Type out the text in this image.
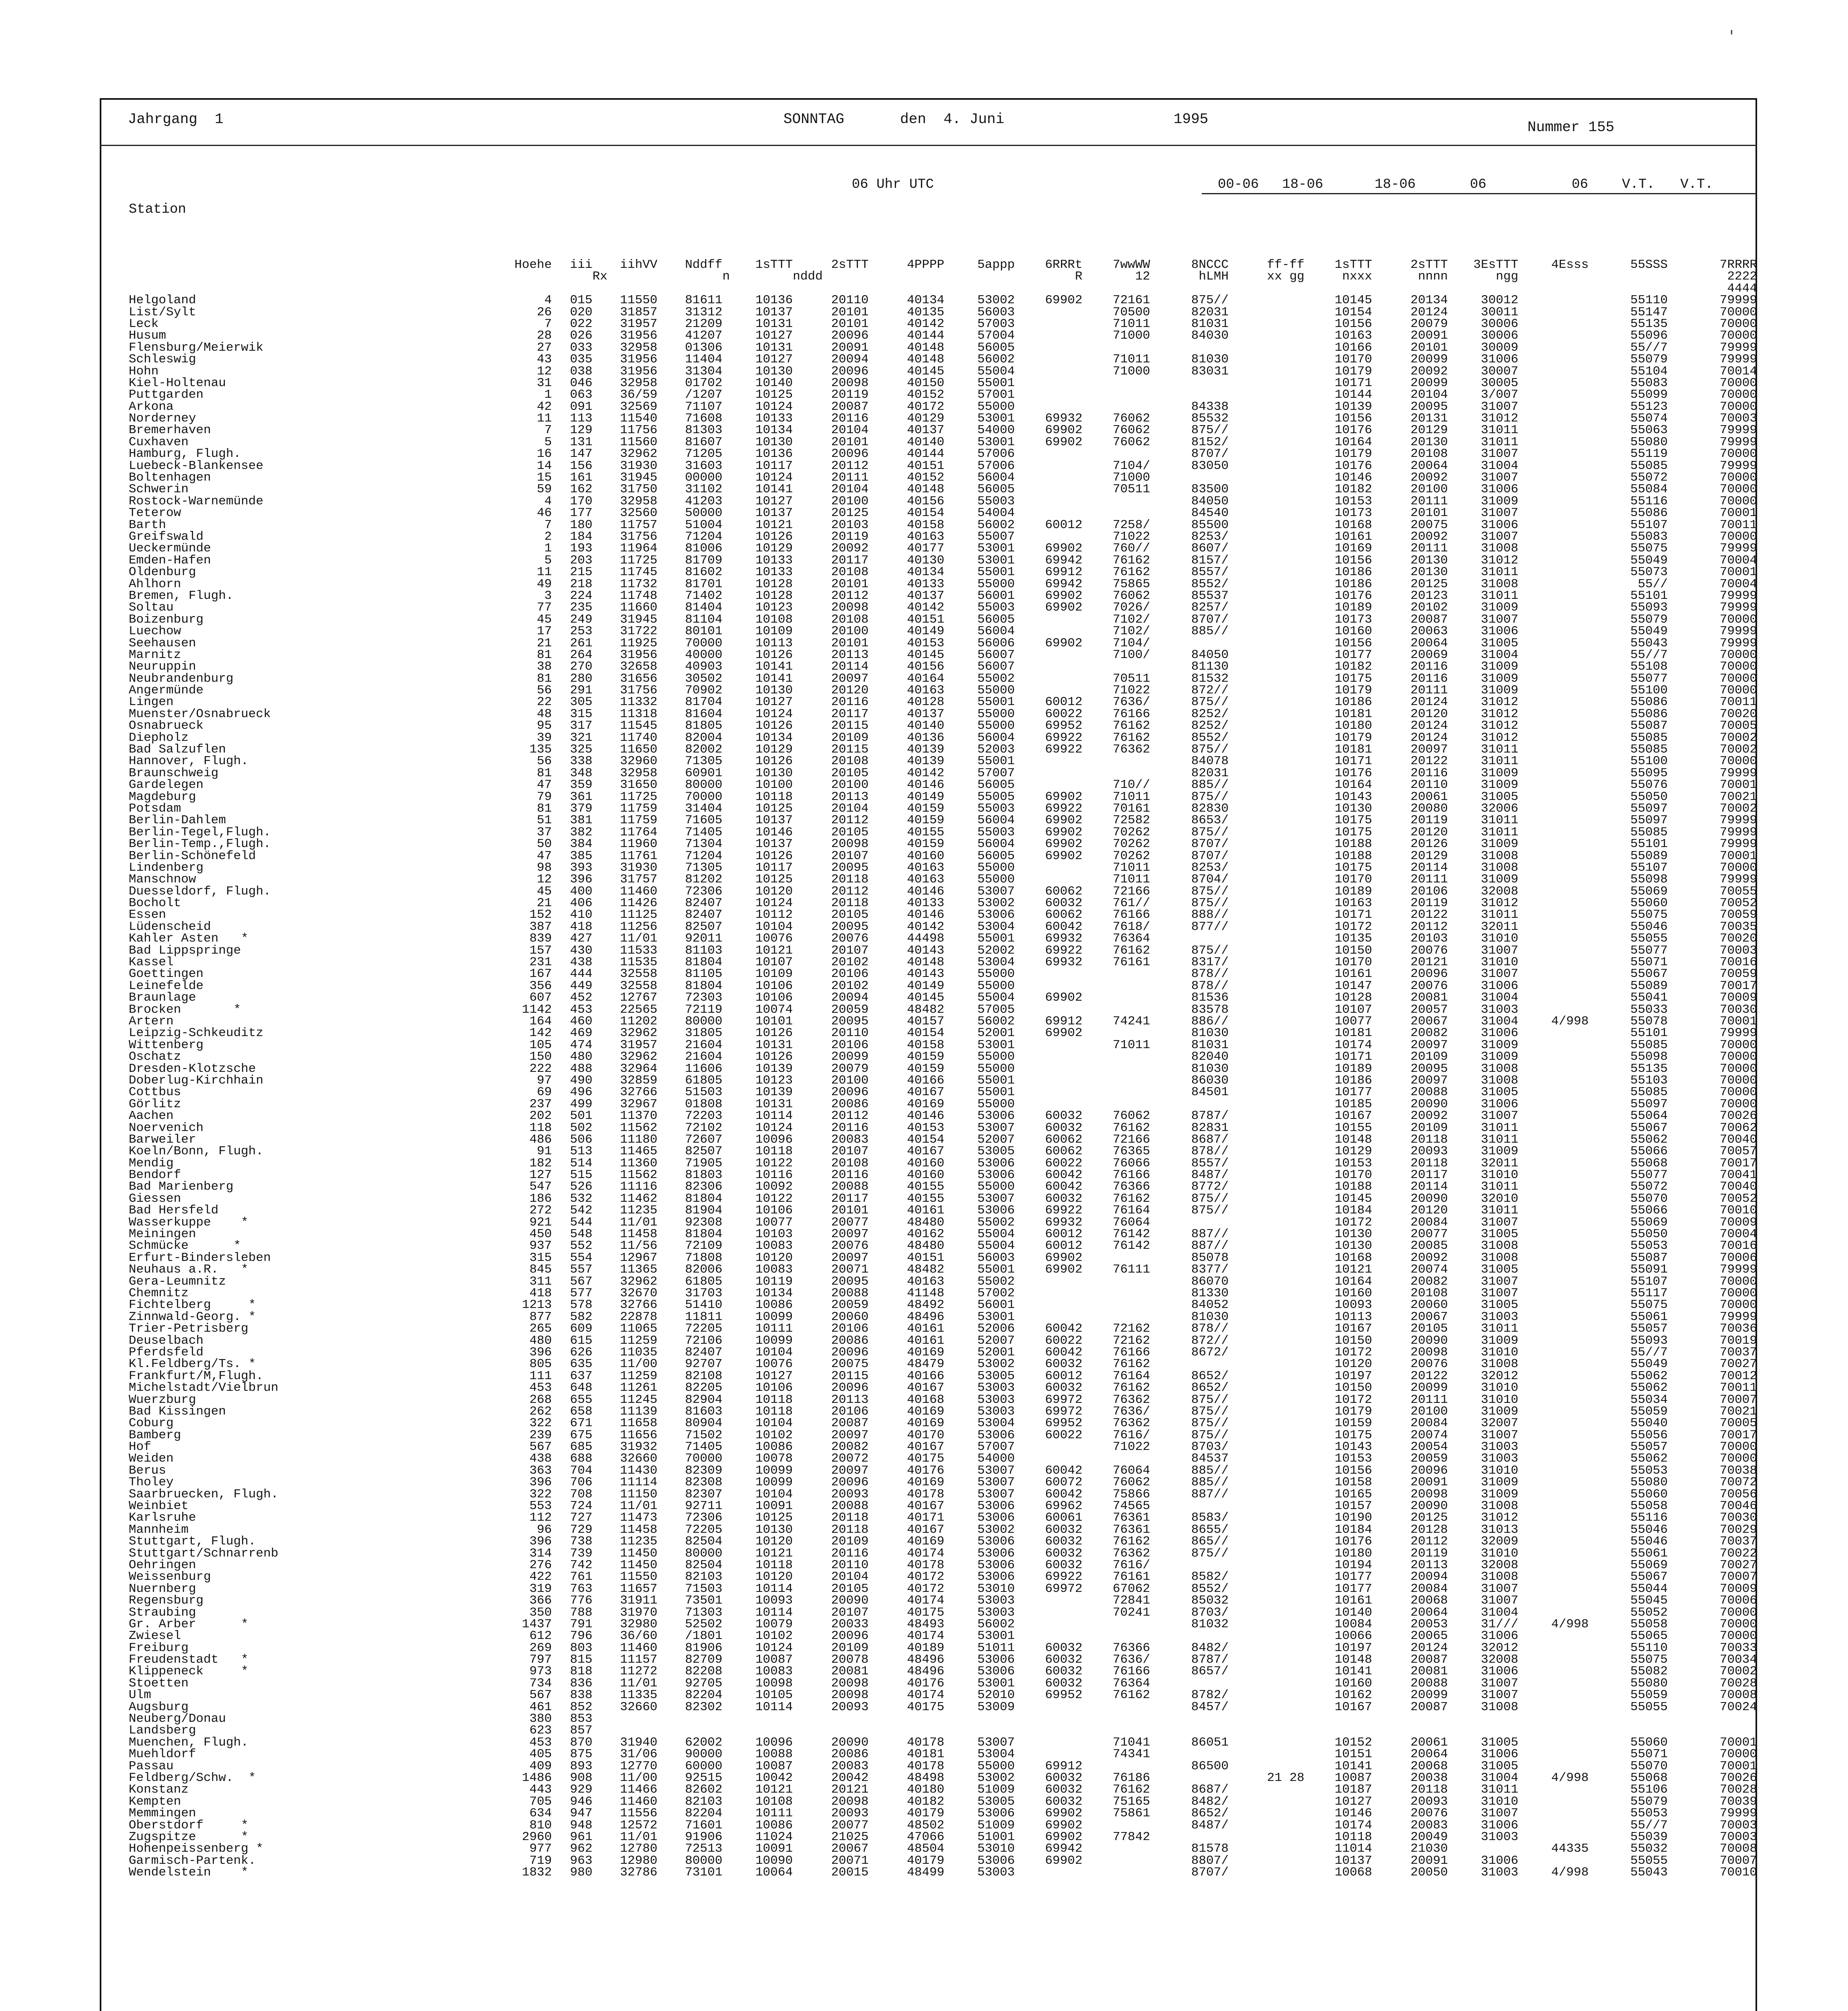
'
Jahrgang  1	SONNTAG	den  4. Juni	1995	Nummer 155
06 Uhr UTC	00-06 18-06	18-06	06	06 V.T. V.T.
Station
	Hoehe	iii	iihVV	Nddff	1sTTT	2sTTT	4PPPP	5appp	6RRRt	7wwWW	8NCCC	ff-ff	1sTTT	2sTTT	3EsTTT	4Esss	55SSS	7RRRR
			Rx		n	nddd			R	12	hLMH	xx gg	nxxx	nnnn	ngg			2222
																		4444
Helgoland	4	015	11550	81611	10136	20110	40134	53002	69902	72161	875//		10145	20134	30012		55110	79999
List/Sylt	26	020	31857	31312	10137	20101	40135	56003		70500	82031		10154	20124	30011		55147	70000
Leck	7	022	31957	21209	10131	20101	40142	57003		71011	81031		10156	20079	30006		55135	70000
Husum	28	026	31956	41207	10127	20096	40144	57004		71000	84030		10163	20091	30006		55096	70000
Flensburg/Meierwik	27	033	32958	01306	10131	20091	40148	56005					10166	20101	30009		55//7	79999
Schleswig	43	035	31956	11404	10127	20094	40148	56002		71011	81030		10170	20099	31006		55079	79999
Hohn	12	038	31956	31304	10130	20096	40145	55004		71000	83031		10179	20092	30007		55104	70014
Kiel-Holtenau	31	046	32958	01702	10140	20098	40150	55001					10171	20099	30005		55083	70000
Puttgarden	1	063	36/59	/1207	10125	20119	40152	57001					10144	20104	3/007		55099	70000
Arkona	42	091	32569	71107	10124	20087	40172	55000			84338		10139	20095	31007		55123	70000
Norderney	11	113	11540	71608	10133	20116	40129	53001	69932	76062	85532		10156	20131	31012		55074	70003
Bremerhaven	7	129	11756	81303	10134	20104	40137	54000	69902	76062	875//		10176	20129	31011		55063	79999
Cuxhaven	5	131	11560	81607	10130	20101	40140	53001	69902	76062	8152/		10164	20130	31011		55080	79999
Hamburg, Flugh.	16	147	32962	71205	10136	20096	40144	57006			8707/		10179	20108	31007		55119	70000
Luebeck-Blankensee	14	156	31930	31603	10117	20112	40151	57006		7104/	83050		10176	20064	31004		55085	79999
Boltenhagen	15	161	31945	00000	10124	20111	40152	56004		71000			10146	20092	31007		55072	70000
Schwerin	59	162	31750	31102	10141	20104	40148	56005		70511	83500		10182	20100	31006		55084	70000
Rostock-Warnemünde	4	170	32958	41203	10127	20100	40156	55003			84050		10153	20111	31009		55116	70000
Teterow	46	177	32560	50000	10137	20125	40154	54004			84540		10173	20101	31007		55086	70001
Barth	7	180	11757	51004	10121	20103	40158	56002	60012	7258/	85500		10168	20075	31006		55107	70011
Greifswald	2	184	31756	71204	10126	20119	40163	55007		71022	8253/		10161	20092	31007		55083	70000
Ueckermünde	1	193	11964	81006	10129	20092	40177	53001	69902	760//	8607/		10169	20111	31008		55075	79999
Emden-Hafen	5	203	11725	81709	10133	20117	40130	53001	69942	76162	8157/		10156	20130	31012		55049	70004
Oldenburg	11	215	11745	81602	10133	20108	40134	55001	69912	76162	8557/		10186	20130	31011		55073	70001
Ahlhorn	49	218	11732	81701	10128	20101	40133	55000	69942	75865	8552/		10186	20125	31008		55//	70004
Bremen, Flugh.	3	224	11748	71402	10128	20112	40137	56001	69902	76062	85537		10176	20123	31011		55101	79999
Soltau	77	235	11660	81404	10123	20098	40142	55003	69902	7026/	8257/		10189	20102	31009		55093	79999
Boizenburg	45	249	31945	81104	10108	20108	40151	56005		7102/	8707/		10173	20087	31007		55079	70000
Luechow	17	253	31722	80101	10109	20100	40149	56004		7102/	885//		10160	20063	31006		55049	79999
Seehausen	21	261	11925	70000	10113	20101	40153	56006	69902	7104/			10156	20064	31005		55043	79999
Marnitz	81	264	31956	40000	10126	20113	40145	56007		7100/	84050		10177	20069	31004		55//7	70000
Neuruppin	38	270	32658	40903	10141	20114	40156	56007			81130		10182	20116	31009		55108	70000
Neubrandenburg	81	280	31656	30502	10141	20097	40164	55002		70511	81532		10175	20116	31009		55077	70000
Angermünde	56	291	31756	70902	10130	20120	40163	55000		71022	872//		10179	20111	31009		55100	70000
Lingen	22	305	11332	81704	10127	20116	40128	55001	60012	7636/	875//		10186	20124	31012		55086	70011
Muenster/Osnabrueck	48	315	11318	81604	10124	20117	40137	55000	60022	76166	8252/		10181	20120	31012		55086	70020
Osnabrueck	95	317	11545	81805	10126	20115	40140	55000	69952	76162	8252/		10180	20124	31012		55087	70005
Diepholz	39	321	11740	82004	10134	20109	40136	56004	69922	76162	8552/		10179	20124	31012		55085	70002
Bad Salzuflen	135	325	11650	82002	10129	20115	40139	52003	69922	76362	875//		10181	20097	31011		55085	70002
Hannover, Flugh.	56	338	32960	71305	10126	20108	40139	55001			84078		10171	20122	31011		55100	70000
Braunschweig	81	348	32958	60901	10130	20105	40142	57007			82031		10176	20116	31009		55095	79999
Gardelegen	47	359	31650	80000	10100	20100	40146	56005		710//	885//		10164	20110	31009		55076	70001
Magdeburg	79	361	11725	70000	10118	20113	40149	55005	69902	71011	875//		10143	20061	31005		55050	70021
Potsdam	81	379	11759	31404	10125	20104	40159	55003	69922	70161	82830		10130	20080	32006		55097	70002
Berlin-Dahlem	51	381	11759	71605	10137	20112	40159	56004	69902	72582	8653/		10175	20119	31011		55097	79999
Berlin-Tegel,Flugh.	37	382	11764	71405	10146	20105	40155	55003	69902	70262	875//		10175	20120	31011		55085	79999
Berlin-Temp.,Flugh.	50	384	11960	71304	10137	20098	40159	56004	69902	70262	8707/		10188	20126	31009		55101	79999
Berlin-Schönefeld	47	385	11761	71204	10126	20107	40160	56005	69902	70262	8707/		10188	20129	31008		55089	70001
Lindenberg	98	393	31930	71305	10117	20095	40163	55000		71011	8253/		10175	20114	31008		55107	70000
Manschnow	12	396	31757	81202	10125	20118	40163	55000		71011	8704/		10170	20111	31009		55098	79999
Duesseldorf, Flugh.	45	400	11460	72306	10120	20112	40146	53007	60062	72166	875//		10189	20106	32008		55069	70055
Bocholt	21	406	11426	82407	10124	20118	40133	53002	60032	761//	875//		10163	20119	31012		55060	70052
Essen	152	410	11125	82407	10112	20105	40146	53006	60062	76166	888//		10171	20122	31011		55075	70059
Lüdenscheid	387	418	11256	82507	10104	20095	40142	53004	60042	7618/	877//		10172	20112	32011		55046	70035
Kahler Asten   *	839	427	11/01	92011	10076	20076	44498	55001	69932	76364			10135	20103	31010		55055	70020
Bad Lippspringe	157	430	11533	81103	10121	20107	40143	52002	69922	76162	875//		10150	20076	31007		55077	70003
Kassel	231	438	11535	81804	10107	20102	40148	53004	69932	76161	8317/		10170	20121	31010		55071	70016
Goettingen	167	444	32558	81105	10109	20106	40143	55000			878//		10161	20096	31007		55067	70059
Leinefelde	356	449	32558	81804	10106	20102	40149	55000			878//		10147	20076	31006		55089	70017
Braunlage	607	452	12767	72303	10106	20094	40145	55004	69902		81536		10128	20081	31004		55041	70009
Brocken       *	1142	453	22565	72119	10074	20059	48482	57005			83578		10107	20057	31003		55033	70030
Artern	164	460	11202	80000	10101	20095	40157	56002	69912	74241	886//		10077	20067	31004	4/998	55078	70001
Leipzig-Schkeuditz	142	469	32962	31805	10126	20110	40154	52001	69902		81030		10181	20082	31006		55101	79999
Wittenberg	105	474	31957	21604	10131	20106	40158	53001		71011	81031		10174	20097	31009		55085	70000
Oschatz	150	480	32962	21604	10126	20099	40159	55000			82040		10171	20109	31009		55098	70000
Dresden-Klotzsche	222	488	32964	11606	10139	20079	40159	55000			81030		10189	20095	31008		55135	70000
Doberlug-Kirchhain	97	490	32859	61805	10123	20100	40166	55001			86030		10186	20097	31008		55103	70000
Cottbus	69	496	32766	51503	10139	20096	40167	55001			84501		10177	20088	31005		55085	70000
Görlitz	237	499	32967	01808	10131	20086	40169	55000					10185	20090	31006		55097	70000
Aachen	202	501	11370	72203	10114	20112	40146	53006	60032	76062	8787/		10167	20092	31007		55064	70026
Noervenich	118	502	11562	72102	10124	20116	40153	53007	60032	76162	82831		10155	20109	31011		55067	70062
Barweiler	486	506	11180	72607	10096	20083	40154	52007	60062	72166	8687/		10148	20118	31011		55062	70040
Koeln/Bonn, Flugh.	91	513	11465	82507	10118	20107	40167	53005	60062	76365	878//		10129	20093	31009		55066	70057
Mendig	182	514	11360	71905	10122	20108	40160	53006	60022	76066	8557/		10153	20118	32011		55068	70017
Bendorf	127	515	11562	81803	10116	20116	40160	53006	60042	76166	8487/		10170	20117	31010		55077	70041
Bad Marienberg	547	526	11116	82306	10092	20088	40155	55000	60042	76366	8772/		10188	20114	31011		55072	70040
Giessen	186	532	11462	81804	10122	20117	40155	53007	60032	76162	875//		10145	20090	32010		55070	70052
Bad Hersfeld	272	542	11235	81904	10106	20101	40161	53006	69922	76164	875//		10184	20120	31011		55066	70010
Wasserkuppe    *	921	544	11/01	92308	10077	20077	48480	55002	69932	76064			10172	20084	31007		55069	70009
Meiningen	450	548	11458	81804	10103	20097	40162	55004	60012	76142	887//		10130	20077	31005		55050	70004
Schmücke      *	937	552	11/56	72109	10083	20076	48480	55004	60012	76142	887//		10130	20085	31008		55053	70016
Erfurt-Bindersleben	315	554	12967	71808	10120	20097	40151	56003	69902		85078		10168	20092	31008		55087	70006
Neuhaus a.R.   *	845	557	11365	82006	10083	20071	48482	55001	69902	76111	8377/		10121	20074	31005		55091	79999
Gera-Leumnitz	311	567	32962	61805	10119	20095	40163	55002			86070		10164	20082	31007		55107	70000
Chemnitz	418	577	32670	31703	10134	20088	41148	57002			81330		10160	20108	31007		55117	70000
Fichtelberg     *	1213	578	32766	51410	10086	20059	48492	56001			84052		10093	20060	31005		55075	70000
Zinnwald-Georg. *	877	582	22878	11811	10099	20060	48496	53001			81030		10113	20067	31003		55061	79999
Trier-Petrisberg	265	609	11065	72205	10111	20106	40161	52006	60042	72162	878//		10167	20105	31011		55057	70036
Deuselbach	480	615	11259	72106	10099	20086	40161	52007	60022	72162	872//		10150	20090	31009		55093	70019
Pferdsfeld	396	626	11035	82407	10104	20096	40169	52001	60042	76166	8672/		10172	20098	31010		55//7	70037
Kl.Feldberg/Ts. *	805	635	11/00	92707	10076	20075	48479	53002	60032	76162			10120	20076	31008		55049	70027
Frankfurt/M,Flugh.	111	637	11259	82108	10127	20115	40166	53005	60012	76164	8652/		10197	20122	32012		55062	70012
Michelstadt/Vielbrun	453	648	11261	82205	10106	20096	40167	53003	60032	76162	8652/		10150	20099	31010		55062	70011
Wuerzburg	268	655	11245	82904	10118	20113	40168	53003	69972	76362	875//		10172	20111	31010		55034	70007
Bad Kissingen	262	658	11139	81603	10118	20106	40169	53003	69972	7636/	875//		10179	20100	31009		55059	70021
Coburg	322	671	11658	80904	10104	20087	40169	53004	69952	76362	875//		10159	20084	32007		55040	70005
Bamberg	239	675	11656	71502	10102	20097	40170	53006	60022	7616/	875//		10175	20074	31007		55056	70017
Hof	567	685	31932	71405	10086	20082	40167	57007		71022	8703/		10143	20054	31003		55057	70000
Weiden	438	688	32660	70000	10078	20072	40175	54000			84537		10153	20059	31003		55062	70000
Berus	363	704	11430	82309	10099	20097	40176	53007	60042	76064	885//		10156	20096	31010		55053	70038
Tholey	396	706	11114	82308	10099	20096	40169	53007	60072	76062	885//		10158	20091	31009		55080	70072
Saarbruecken, Flugh.	322	708	11150	82307	10104	20093	40178	53007	60042	75866	887//		10165	20098	31009		55060	70056
Weinbiet	553	724	11/01	92711	10091	20088	40167	53006	69962	74565			10157	20090	31008		55058	70046
Karlsruhe	112	727	11473	72306	10125	20118	40171	53006	60061	76361	8583/		10190	20125	31012		55116	70030
Mannheim	96	729	11458	72205	10130	20118	40167	53002	60032	76361	8655/		10184	20128	31013		55046	70029
Stuttgart, Flugh.	396	738	11235	82504	10120	20109	40169	53006	60032	76162	865//		10176	20112	32009		55046	70037
Stuttgart/Schnarrenb	314	739	11450	80000	10121	20116	40174	53006	60032	76362	875//		10180	20119	31010		55061	70022
Oehringen	276	742	11450	82504	10118	20110	40178	53006	60032	7616/			10194	20113	32008		55069	70027
Weissenburg	422	761	11550	82103	10120	20104	40172	53006	69922	76161	8582/		10177	20094	31008		55067	70007
Nuernberg	319	763	11657	71503	10114	20105	40172	53010	69972	67062	8552/		10177	20084	31007		55044	70009
Regensburg	366	776	31911	73501	10093	20090	40174	53003		72841	85032		10161	20068	31007		55045	70006
Straubing	350	788	31970	71303	10114	20107	40175	53003		70241	8703/		10140	20064	31004		55052	70000
Gr. Arber      *	1437	791	32980	52502	10079	20033	48493	56002			81032		10084	20053	31///	4/998	55058	70000
Zwiesel	612	796	36/60	/1801	10102	20096	40174	53001					10066	20065	31006		55065	70000
Freiburg	269	803	11460	81906	10124	20109	40189	51011	60032	76366	8482/		10197	20124	32012		55110	70033
Freudenstadt   *	797	815	11157	82709	10087	20078	48496	53006	60032	7636/	8787/		10148	20087	32008		55075	70034
Klippeneck     *	973	818	11272	82208	10083	20081	48496	53006	60032	76166	8657/		10141	20081	31006		55082	70002
Stoetten	734	836	11/01	92705	10098	20098	40176	53001	60032	76364			10160	20088	31007		55080	70028
Ulm	567	838	11335	82204	10105	20098	40174	52010	69952	76162	8782/		10162	20099	31007		55059	70008
Augsburg	461	852	32660	82302	10114	20093	40175	53009			8457/		10167	20087	31008		55055	70024
Neuberg/Donau	380	853																
Landsberg	623	857																
Muenchen, Flugh.	453	870	31940	62002	10096	20090	40178	53007		71041	86051		10152	20061	31005		55060	70001
Muehldorf	405	875	31/06	90000	10088	20086	40181	53004		74341			10151	20064	31006		55071	70000
Passau	409	893	12770	60000	10087	20083	40178	55000	69912		86500		10141	20068	31005		55070	70001
Feldberg/Schw.  *	1486	908	11/00	92515	10042	20042	48498	53002	60032	76186		21 28	10087	20038	31004	4/998	55068	70026
Konstanz	443	929	11466	82602	10121	20121	40180	51009	60032	76162	8687/		10187	20118	31011		55106	70028
Kempten	705	946	11460	82103	10108	20098	40182	53005	60032	75165	8482/		10127	20093	31010		55079	70039
Memmingen	634	947	11556	82204	10111	20093	40179	53006	69902	75861	8652/		10146	20076	31007		55053	79999
Oberstdorf     *	810	948	12572	71601	10086	20077	48502	51009	69902		8487/		10174	20083	31006		55//7	70003
Zugspitze      *	2960	961	11/01	91906	11024	21025	47066	51001	69902	77842			10118	20049	31003		55039	70003
Hohenpeissenberg *	977	962	12780	72513	10091	20067	48504	53010	69942		81578		11014	21030		44335	55032	70008
Garmisch-Partenk.	719	963	12980	80000	10090	20071	40179	53006	69902		8807/		10137	20091	31006		55055	70007
Wendelstein    *	1832	980	32786	73101	10064	20015	48499	53003			8707/		10068	20050	31003	4/998	55043	70010
